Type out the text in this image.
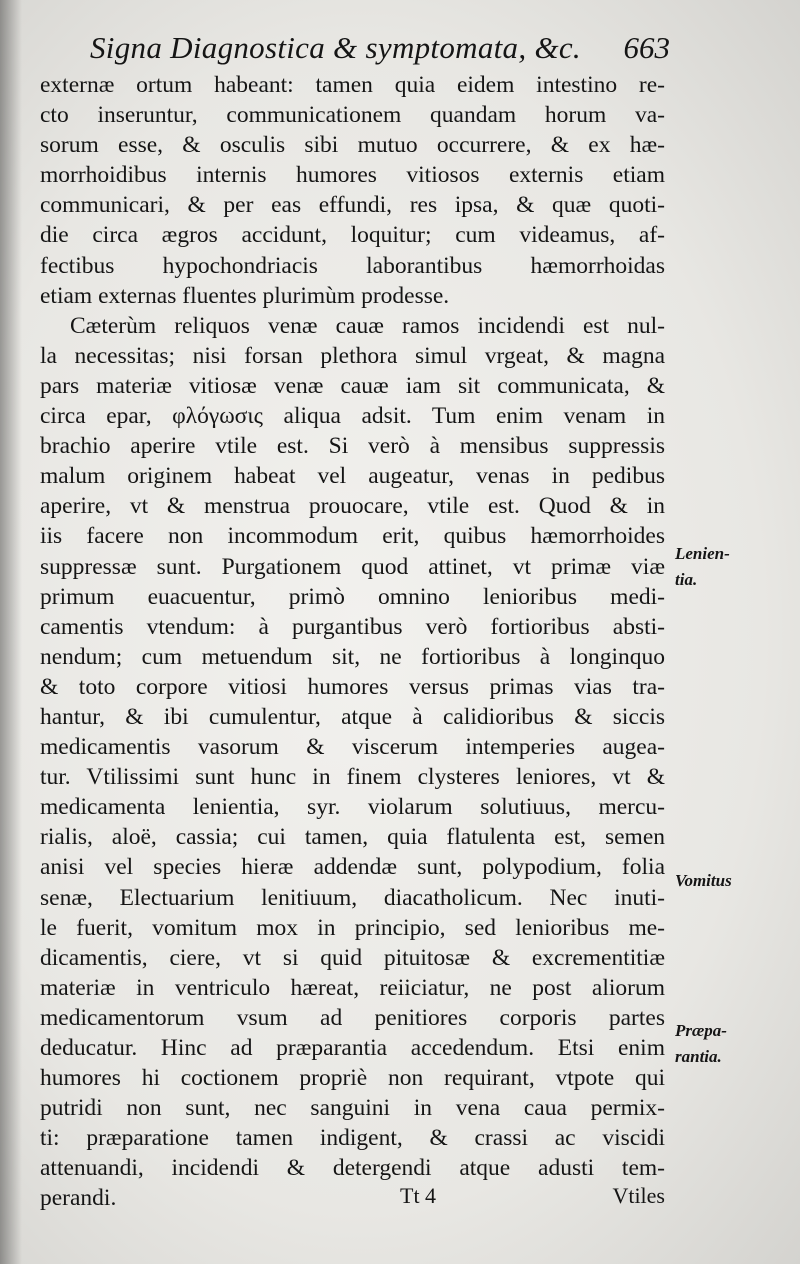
Signa Diagnostica & symptomata, &c. 663
externæ ortum habeant: tamen quia eidem intestino re-
cto inseruntur, communicationem quandam horum va-
sorum esse, & osculis sibi mutuo occurrere, & ex hæ-
morrhoidibus internis humores vitiosos externis etiam
communicari, & per eas effundi, res ipsa, & quæ quoti-
die circa ægros accidunt, loquitur; cum videamus, af-
fectibus hypochondriacis laborantibus hæmorrhoidas
etiam externas fluentes plurimùm prodesse.
Cæterùm reliquos venæ cauæ ramos incidendi est nul-
la necessitas; nisi forsan plethora simul vrgeat, & magna
pars materiæ vitiosæ venæ cauæ iam sit communicata, &
circa epar, φλόγωσις aliqua adsit. Tum enim venam in
brachio aperire vtile est. Si verò à mensibus suppressis
malum originem habeat vel augeatur, venas in pedibus
aperire, vt & menstrua prouocare, vtile est. Quod & in
iis facere non incommodum erit, quibus hæmorrhoides
suppressæ sunt. Purgationem quod attinet, vt primæ viæ
primum euacuentur, primò omnino lenioribus medi-
camentis vtendum: à purgantibus verò fortioribus absti-
nendum; cum metuendum sit, ne fortioribus à longinquo
& toto corpore vitiosi humores versus primas vias tra-
hantur, & ibi cumulentur, atque à calidioribus & siccis
medicamentis vasorum & viscerum intemperies augea-
tur. Vtilissimi sunt hunc in finem clysteres leniores, vt &
medicamenta lenientia, syr. violarum solutiuus, mercu-
rialis, aloë, cassia; cui tamen, quia flatulenta est, semen
anisi vel species hieræ addendæ sunt, polypodium, folia
senæ, Electuarium lenitiuum, diacatholicum. Nec inuti-
le fuerit, vomitum mox in principio, sed lenioribus me-
dicamentis, ciere, vt si quid pituitosæ & excrementitiæ
materiæ in ventriculo hæreat, reiiciatur, ne post aliorum
medicamentorum vsum ad penitiores corporis partes
deducatur. Hinc ad præparantia accedendum. Etsi enim
humores hi coctionem propriè non requirant, vtpote qui
putridi non sunt, nec sanguini in vena caua permix-
ti: præparatione tamen indigent, & crassi ac viscidi
attenuandi, incidendi & detergendi atque adusti tem-
perandi.
Lenien-
tia.
Vomitus
Præpa-
rantia.
Tt 4	Vtiles
